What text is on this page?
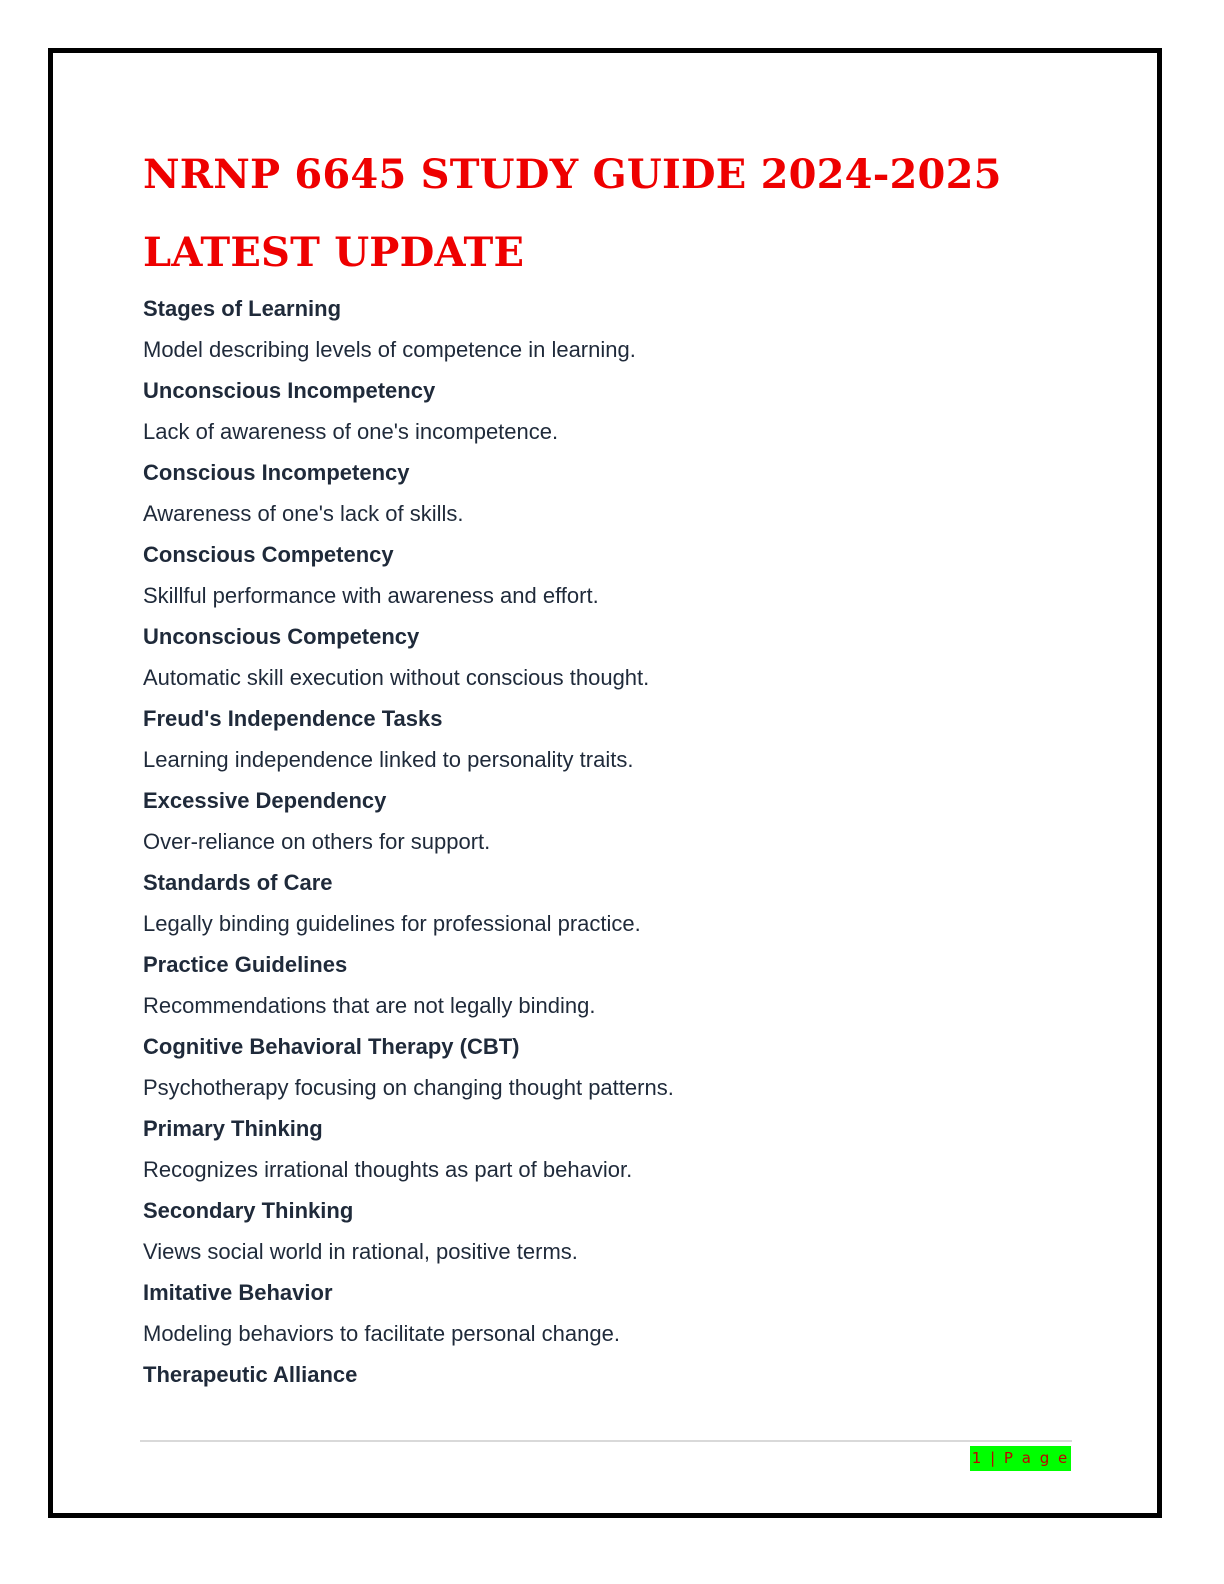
NRNP 6645 STUDY GUIDE 2024-2025 LATEST UPDATE
Stages of Learning
Model describing levels of competence in learning.
Unconscious Incompetency
Lack of awareness of one's incompetence.
Conscious Incompetency
Awareness of one's lack of skills.
Conscious Competency
Skillful performance with awareness and effort.
Unconscious Competency
Automatic skill execution without conscious thought.
Freud's Independence Tasks
Learning independence linked to personality traits.
Excessive Dependency
Over-reliance on others for support.
Standards of Care
Legally binding guidelines for professional practice.
Practice Guidelines
Recommendations that are not legally binding.
Cognitive Behavioral Therapy (CBT)
Psychotherapy focusing on changing thought patterns.
Primary Thinking
Recognizes irrational thoughts as part of behavior.
Secondary Thinking
Views social world in rational, positive terms.
Imitative Behavior
Modeling behaviors to facilitate personal change.
Therapeutic Alliance
1 | P a g e
